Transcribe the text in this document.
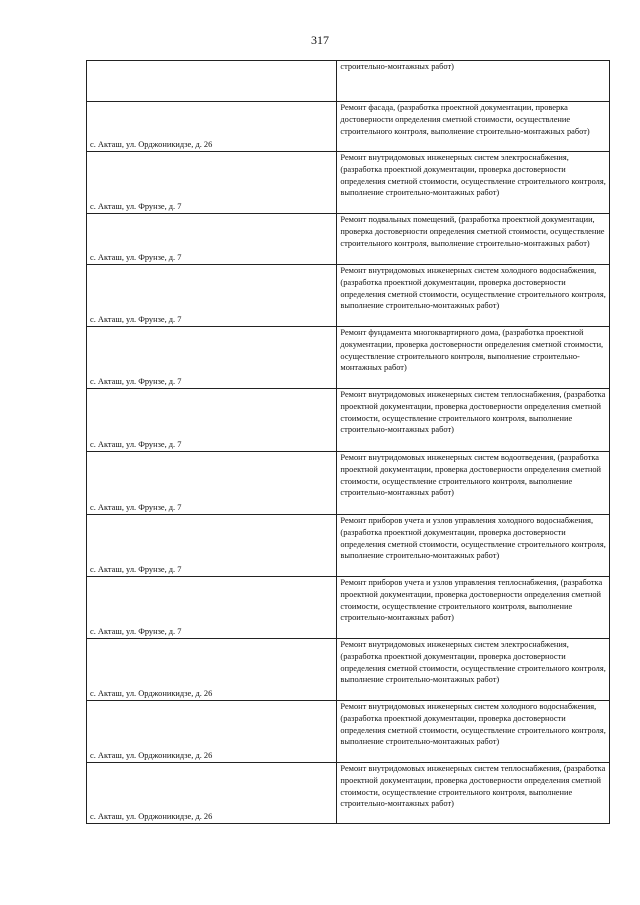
317

	строительно-монтажных работ)

с. Акташ, ул. Орджоникидзе, д. 26	Ремонт фасада, (разработка проектной документации, проверка достоверности определения сметной стоимости, осуществление строительного контроля, выполнение строительно-монтажных работ)

с. Акташ, ул. Фрунзе, д. 7	Ремонт внутридомовых инженерных систем электроснабжения, (разработка проектной документации, проверка достоверности определения сметной стоимости, осуществление строительного контроля, выполнение строительно-монтажных работ)

с. Акташ, ул. Фрунзе, д. 7	Ремонт подвальных помещений, (разработка проектной документации, проверка достоверности определения сметной стоимости, осуществление строительного контроля, выполнение строительно-монтажных работ)

с. Акташ, ул. Фрунзе, д. 7	Ремонт внутридомовых инженерных систем холодного водоснабжения, (разработка проектной документации, проверка достоверности определения сметной стоимости, осуществление строительного контроля, выполнение строительно-монтажных работ)

с. Акташ, ул. Фрунзе, д. 7	Ремонт фундамента многоквартирного дома, (разработка проектной документации, проверка достоверности определения сметной стоимости, осуществление строительного контроля, выполнение строительно-монтажных работ)

с. Акташ, ул. Фрунзе, д. 7	Ремонт внутридомовых инженерных систем теплоснабжения, (разработка проектной документации, проверка достоверности определения сметной стоимости, осуществление строительного контроля, выполнение строительно-монтажных работ)

с. Акташ, ул. Фрунзе, д. 7	Ремонт внутридомовых инженерных систем водоотведения, (разработка проектной документации, проверка достоверности определения сметной стоимости, осуществление строительного контроля, выполнение строительно-монтажных работ)

с. Акташ, ул. Фрунзе, д. 7	Ремонт приборов учета и узлов управления холодного водоснабжения, (разработка проектной документации, проверка достоверности определения сметной стоимости, осуществление строительного контроля, выполнение строительно-монтажных работ)

с. Акташ, ул. Фрунзе, д. 7	Ремонт приборов учета и узлов управления теплоснабжения, (разработка проектной документации, проверка достоверности определения сметной стоимости, осуществление строительного контроля, выполнение строительно-монтажных работ)

с. Акташ, ул. Орджоникидзе, д. 26	Ремонт внутридомовых инженерных систем электроснабжения, (разработка проектной документации, проверка достоверности определения сметной стоимости, осуществление строительного контроля, выполнение строительно-монтажных работ)

с. Акташ, ул. Орджоникидзе, д. 26	Ремонт внутридомовых инженерных систем холодного водоснабжения, (разработка проектной документации, проверка достоверности определения сметной стоимости, осуществление строительного контроля, выполнение строительно-монтажных работ)

с. Акташ, ул. Орджоникидзе, д. 26	Ремонт внутридомовых инженерных систем теплоснабжения, (разработка проектной документации, проверка достоверности определения сметной стоимости, осуществление строительного контроля, выполнение строительно-монтажных работ)
